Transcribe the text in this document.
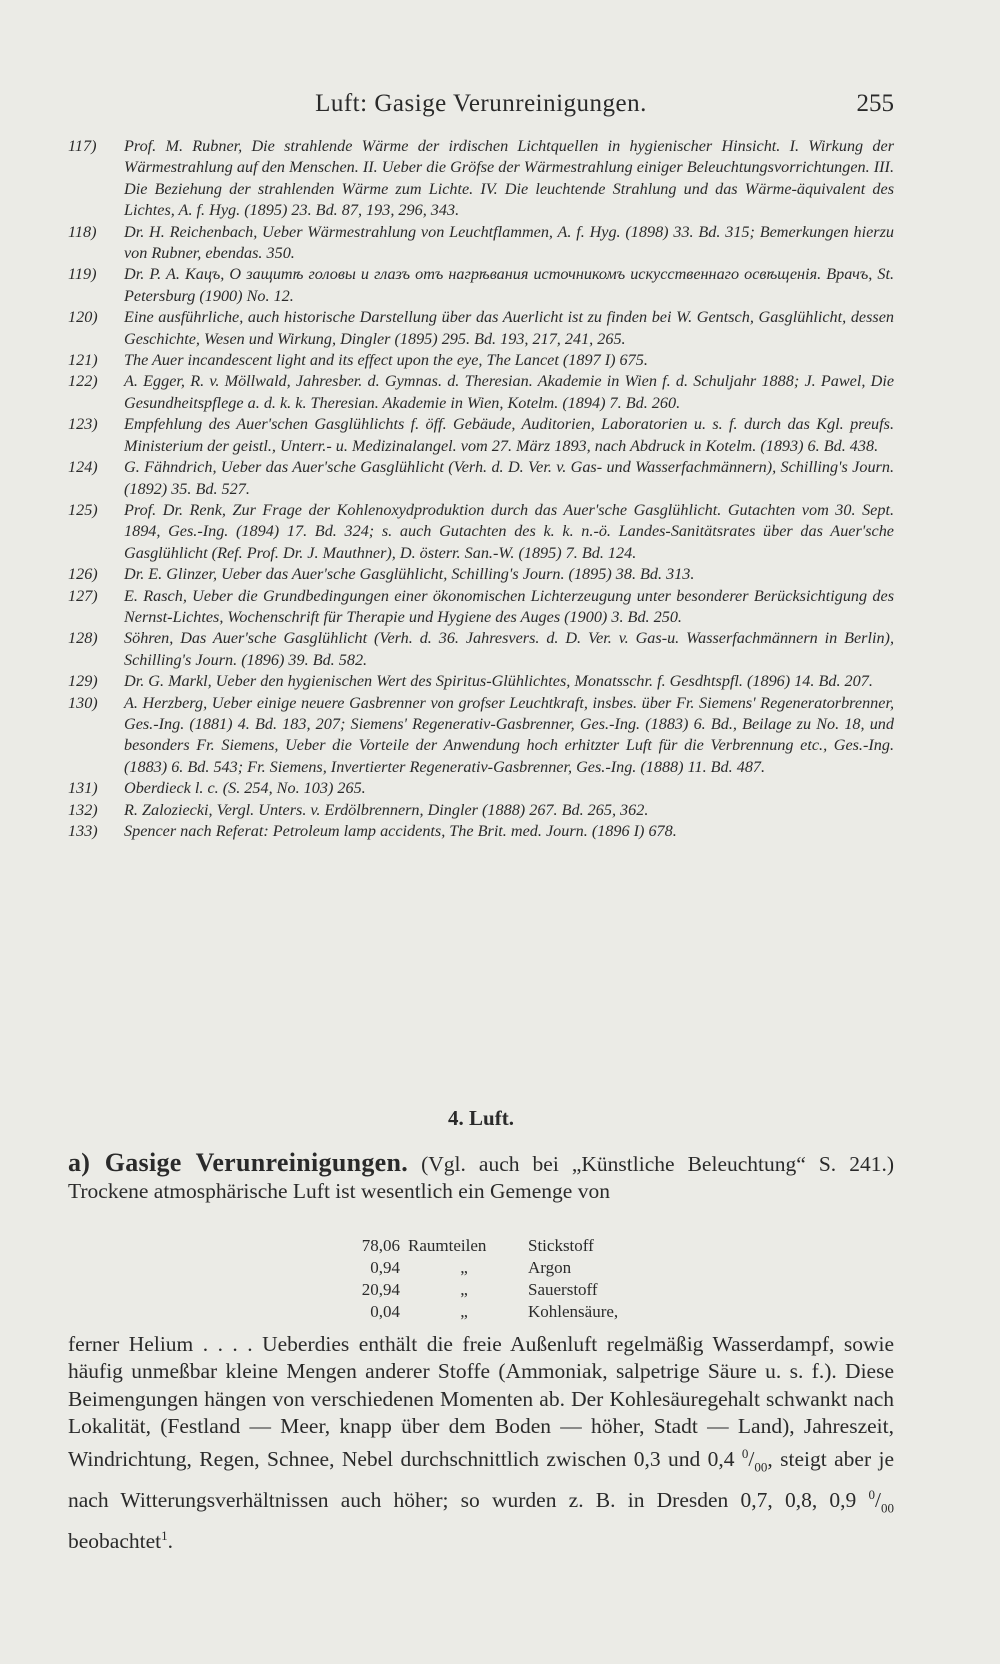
Luft: Gasige Verunreinigungen.	255
117) Prof. M. Rubner, Die strahlende Wärme der irdischen Lichtquellen in hygienischer Hinsicht. I. Wirkung der Wärmestrahlung auf den Menschen. II. Ueber die Gröfse der Wärmestrahlung einiger Beleuchtungsvorrichtungen. III. Die Beziehung der strahlenden Wärme zum Lichte. IV. Die leuchtende Strahlung und das Wärme-äquivalent des Lichtes, A. f. Hyg. (1895) 23. Bd. 87, 193, 296, 343.
118) Dr. H. Reichenbach, Ueber Wärmestrahlung von Leuchtflammen, A. f. Hyg. (1898) 33. Bd. 315; Bemerkungen hierzu von Rubner, ebendas. 350.
119) Dr. P. A. Кацъ, О защитѣ головы и глазъ отъ нагрѣвания источникомъ искусственнаго освѣщенія. Врачъ, St. Petersburg (1900) No. 12.
120) Eine ausführliche, auch historische Darstellung über das Auerlicht ist zu finden bei W. Gentsch, Gasglühlicht, dessen Geschichte, Wesen und Wirkung, Dingler (1895) 295. Bd. 193, 217, 241, 265.
121) The Auer incandescent light and its effect upon the eye, The Lancet (1897 I) 675.
122) A. Egger, R. v. Möllwald, Jahresber. d. Gymnas. d. Theresian. Akademie in Wien f. d. Schuljahr 1888; J. Pawel, Die Gesundheitspflege a. d. k. k. Theresian. Akademie in Wien, Kotelm. (1894) 7. Bd. 260.
123) Empfehlung des Auer'schen Gasglühlichts f. öff. Gebäude, Auditorien, Laboratorien u. s. f. durch das Kgl. preufs. Ministerium der geistl., Unterr.- u. Medizinalangel. vom 27. März 1893, nach Abdruck in Kotelm. (1893) 6. Bd. 438.
124) G. Fähndrich, Ueber das Auer'sche Gasglühlicht (Verh. d. D. Ver. v. Gas- und Wasserfachmännern), Schilling's Journ. (1892) 35. Bd. 527.
125) Prof. Dr. Renk, Zur Frage der Kohlenoxydproduktion durch das Auer'sche Gasglühlicht. Gutachten vom 30. Sept. 1894, Ges.-Ing. (1894) 17. Bd. 324; s. auch Gutachten des k. k. n.-ö. Landes-Sanitätsrates über das Auer'sche Gasglühlicht (Ref. Prof. Dr. J. Mauthner), D. österr. San.-W. (1895) 7. Bd. 124.
126) Dr. E. Glinzer, Ueber das Auer'sche Gasglühlicht, Schilling's Journ. (1895) 38. Bd. 313.
127) E. Rasch, Ueber die Grundbedingungen einer ökonomischen Lichterzeugung unter besonderer Berücksichtigung des Nernst-Lichtes, Wochenschrift für Therapie und Hygiene des Auges (1900) 3. Bd. 250.
128) Söhren, Das Auer'sche Gasglühlicht (Verh. d. 36. Jahresvers. d. D. Ver. v. Gas-u. Wasserfachmännern in Berlin), Schilling's Journ. (1896) 39. Bd. 582.
129) Dr. G. Markl, Ueber den hygienischen Wert des Spiritus-Glühlichtes, Monatsschr. f. Gesdhtspfl. (1896) 14. Bd. 207.
130) A. Herzberg, Ueber einige neuere Gasbrenner von grofser Leuchtkraft, insbes. über Fr. Siemens' Regeneratorbrenner, Ges.-Ing. (1881) 4. Bd. 183, 207; Siemens' Regenerativ-Gasbrenner, Ges.-Ing. (1883) 6. Bd., Beilage zu No. 18, und besonders Fr. Siemens, Ueber die Vorteile der Anwendung hoch erhitzter Luft für die Verbrennung etc., Ges.-Ing. (1883) 6. Bd. 543; Fr. Siemens, Invertierter Regenerativ-Gasbrenner, Ges.-Ing. (1888) 11. Bd. 487.
131) Oberdieck l. c. (S. 254, No. 103) 265.
132) R. Zaloziecki, Vergl. Unters. v. Erdölbrennern, Dingler (1888) 267. Bd. 265, 362.
133) Spencer nach Referat: Petroleum lamp accidents, The Brit. med. Journ. (1896 I) 678.
4. Luft.
a) Gasige Verunreinigungen. (Vgl. auch bei „Künstliche Beleuchtung“ S. 241.) Trockene atmosphärische Luft ist wesentlich ein Gemenge von
78,06	Raumteilen	Stickstoff
0,94	„	Argon
20,94	„	Sauerstoff
0,04	„	Kohlensäure,
ferner Helium . . . . Ueberdies enthält die freie Außenluft regelmäßig Wasserdampf, sowie häufig unmeßbar kleine Mengen anderer Stoffe (Ammoniak, salpetrige Säure u. s. f.). Diese Beimengungen hängen von verschiedenen Momenten ab. Der Kohlesäuregehalt schwankt nach Lokalität, (Festland — Meer, knapp über dem Boden — höher, Stadt — Land), Jahreszeit, Windrichtung, Regen, Schnee, Nebel durchschnittlich zwischen 0,3 und 0,4 $^0/_{00}$, steigt aber je nach Witterungsverhältnissen auch höher; so wurden z. B. in Dresden 0,7, 0,8, 0,9 $^0/_{00}$ beobachtet$^1$.
